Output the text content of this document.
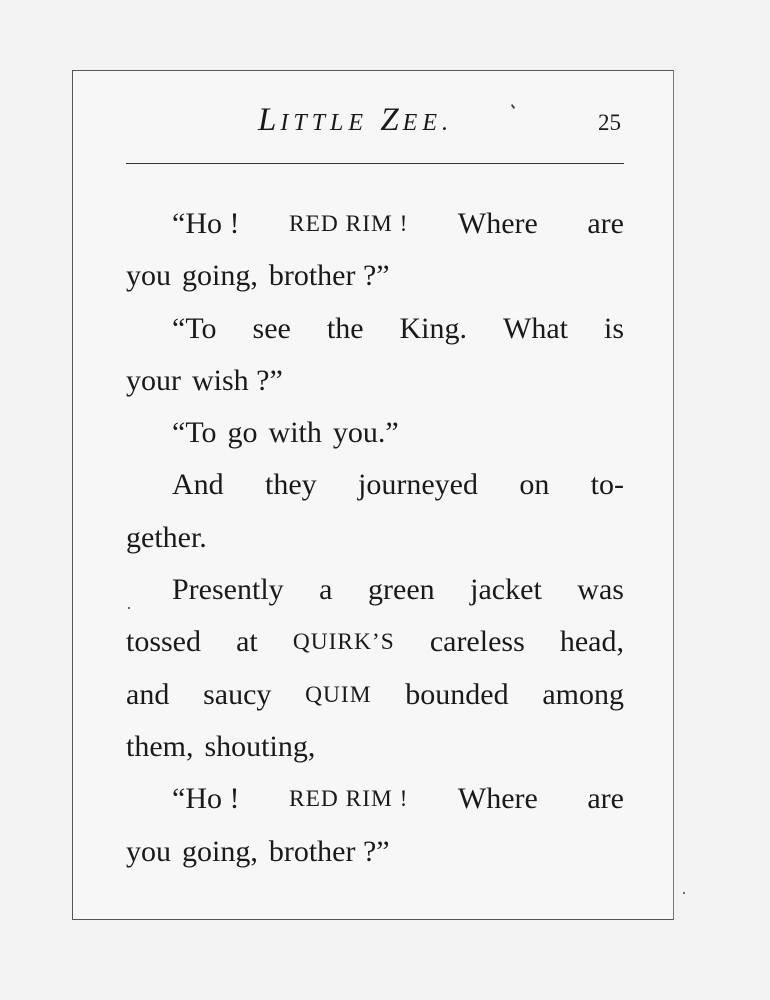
LITTLE ZEE.	25
“Ho ! RED RIM ! Where are
you going, brother ?”
“To see the King. What is
your wish ?”
“To go with you.”
And they journeyed on to-
gether.
Presently a green jacket was
tossed at QUIRK’S careless head,
and saucy QUIM bounded among
them, shouting,
“Ho ! RED RIM ! Where are
you going, brother ?”
